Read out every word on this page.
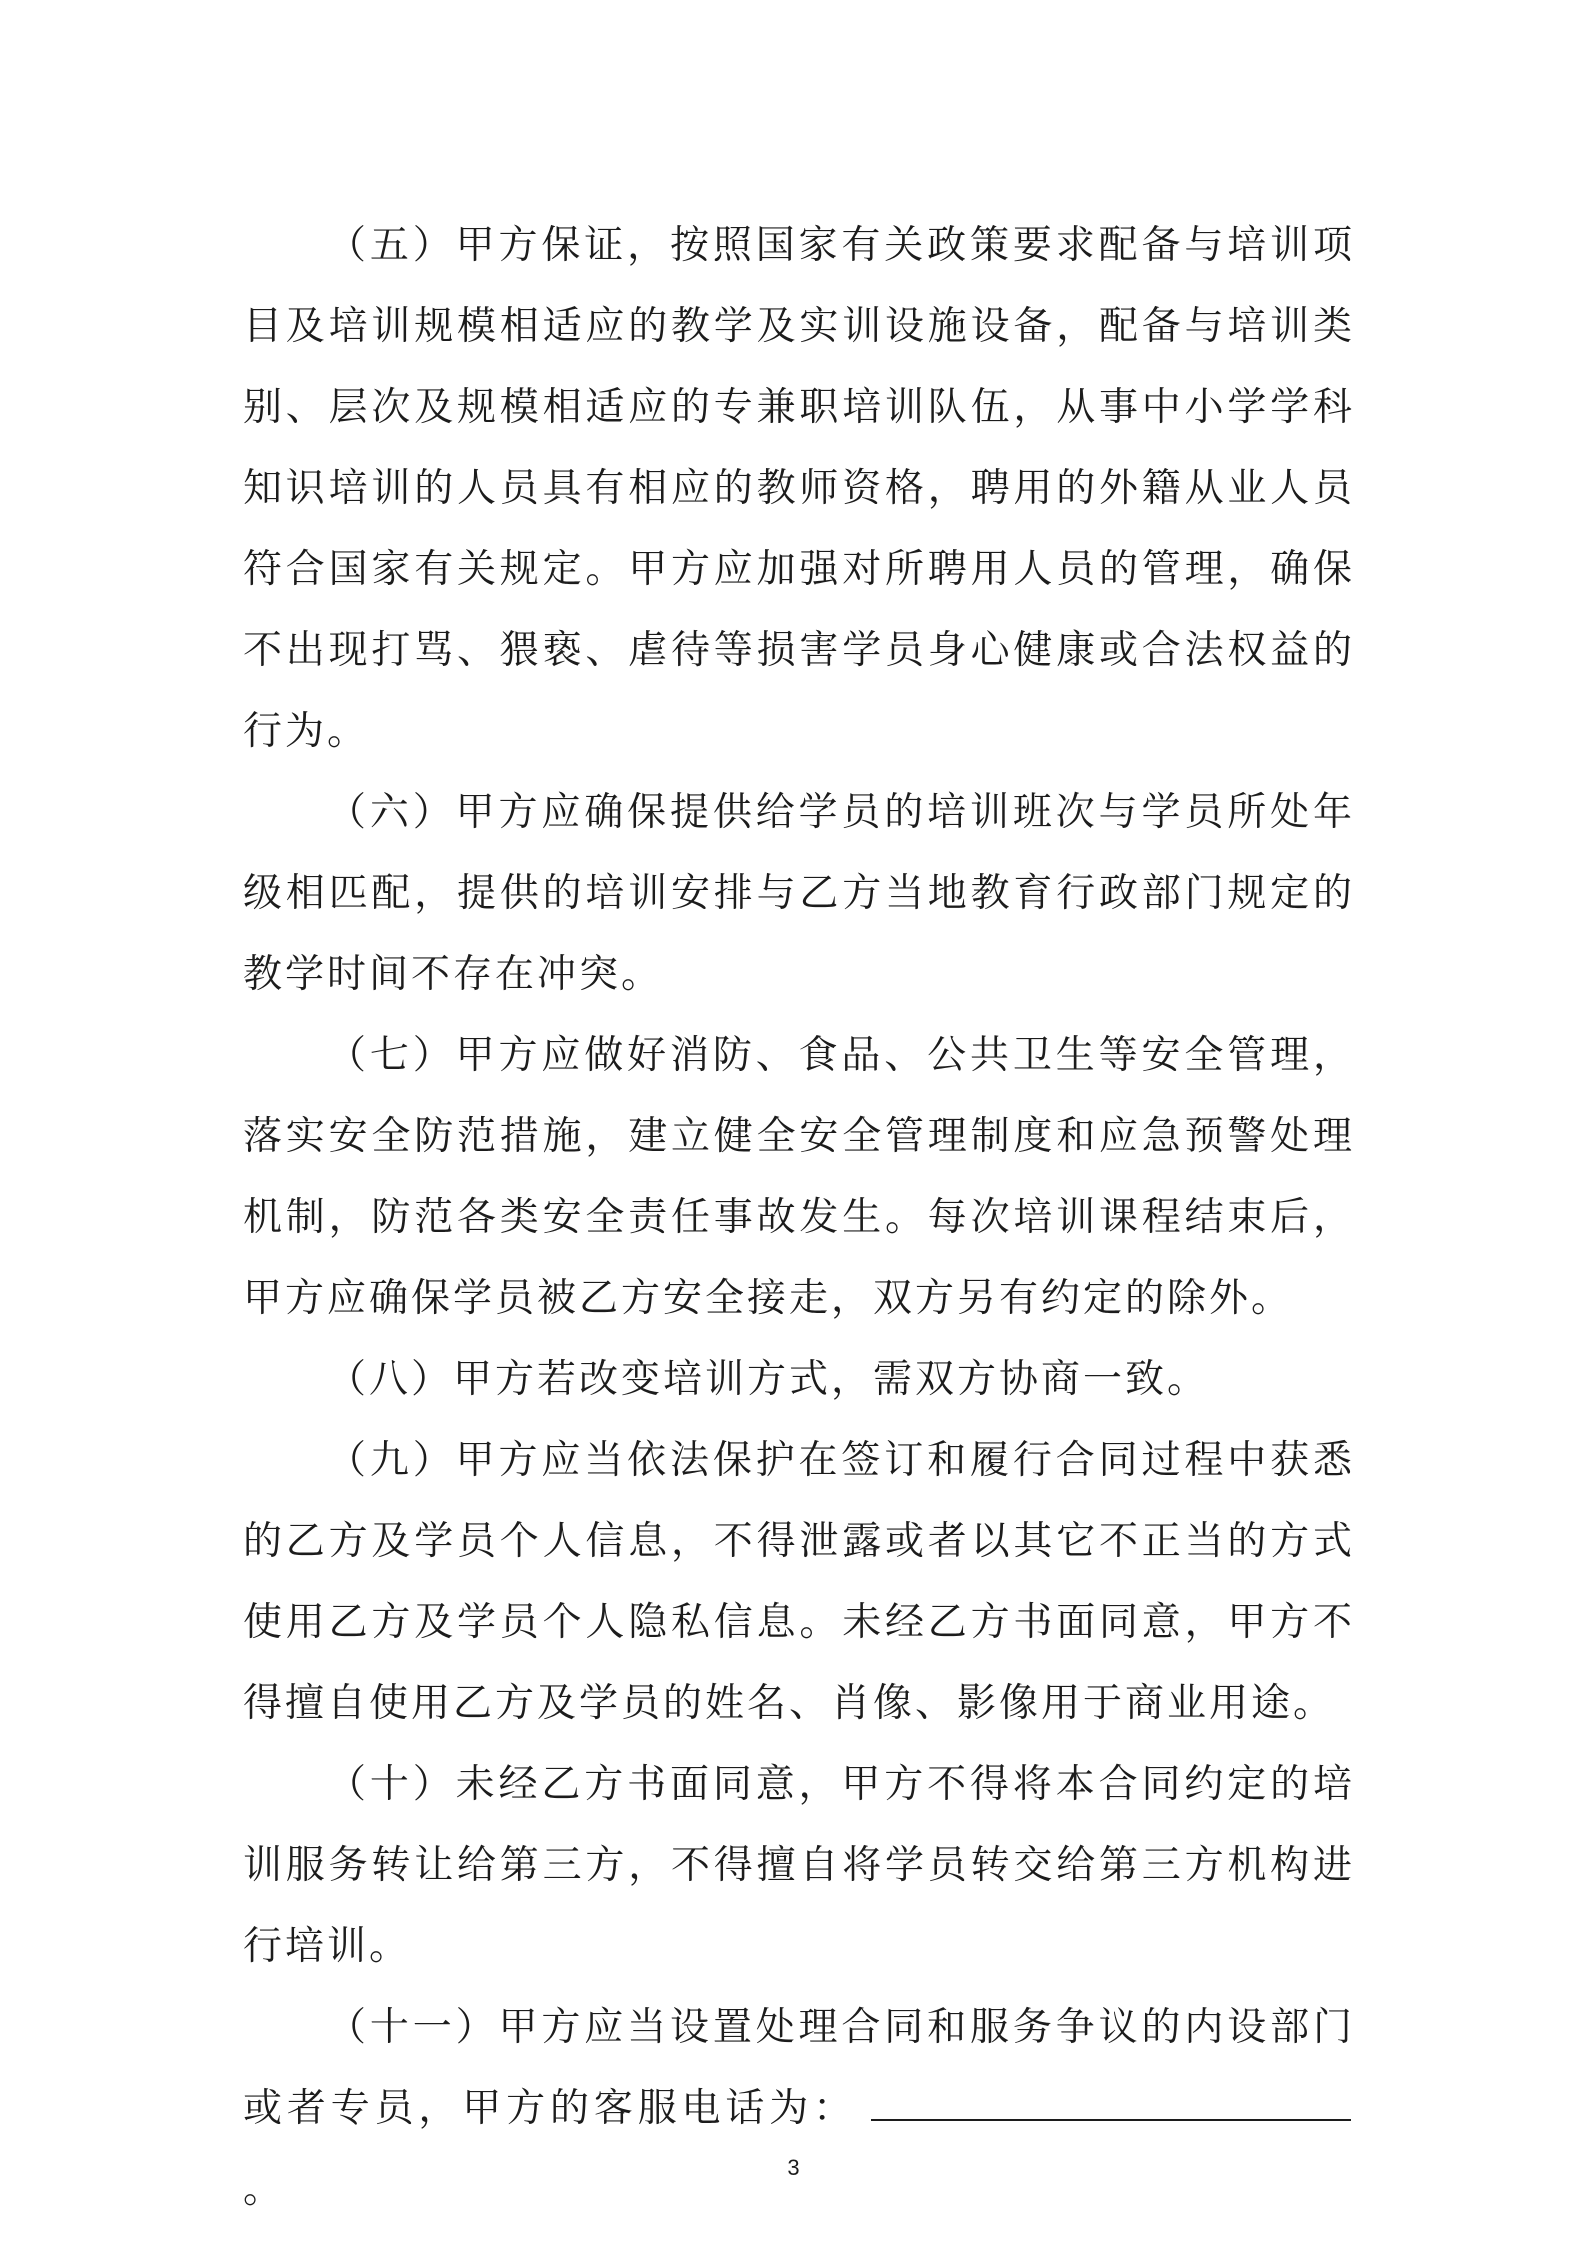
（五）甲方保证，按照国家有关政策要求配备与培训项目及培训规模相适应的教学及实训设施设备，配备与培训类别、层次及规模相适应的专兼职培训队伍，从事中小学学科知识培训的人员具有相应的教师资格，聘用的外籍从业人员符合国家有关规定。甲方应加强对所聘用人员的管理，确保不出现打骂、猥亵、虐待等损害学员身心健康或合法权益的行为。

（六）甲方应确保提供给学员的培训班次与学员所处年级相匹配，提供的培训安排与乙方当地教育行政部门规定的教学时间不存在冲突。

（七）甲方应做好消防、食品、公共卫生等安全管理，落实安全防范措施，建立健全安全管理制度和应急预警处理机制，防范各类安全责任事故发生。每次培训课程结束后，甲方应确保学员被乙方安全接走，双方另有约定的除外。

（八）甲方若改变培训方式，需双方协商一致。

（九）甲方应当依法保护在签订和履行合同过程中获悉的乙方及学员个人信息，不得泄露或者以其它不正当的方式使用乙方及学员个人隐私信息。未经乙方书面同意，甲方不得擅自使用乙方及学员的姓名、肖像、影像用于商业用途。

（十）未经乙方书面同意，甲方不得将本合同约定的培训服务转让给第三方，不得擅自将学员转交给第三方机构进行培训。

（十一）甲方应当设置处理合同和服务争议的内设部门或者专员，甲方的客服电话为：。	3
